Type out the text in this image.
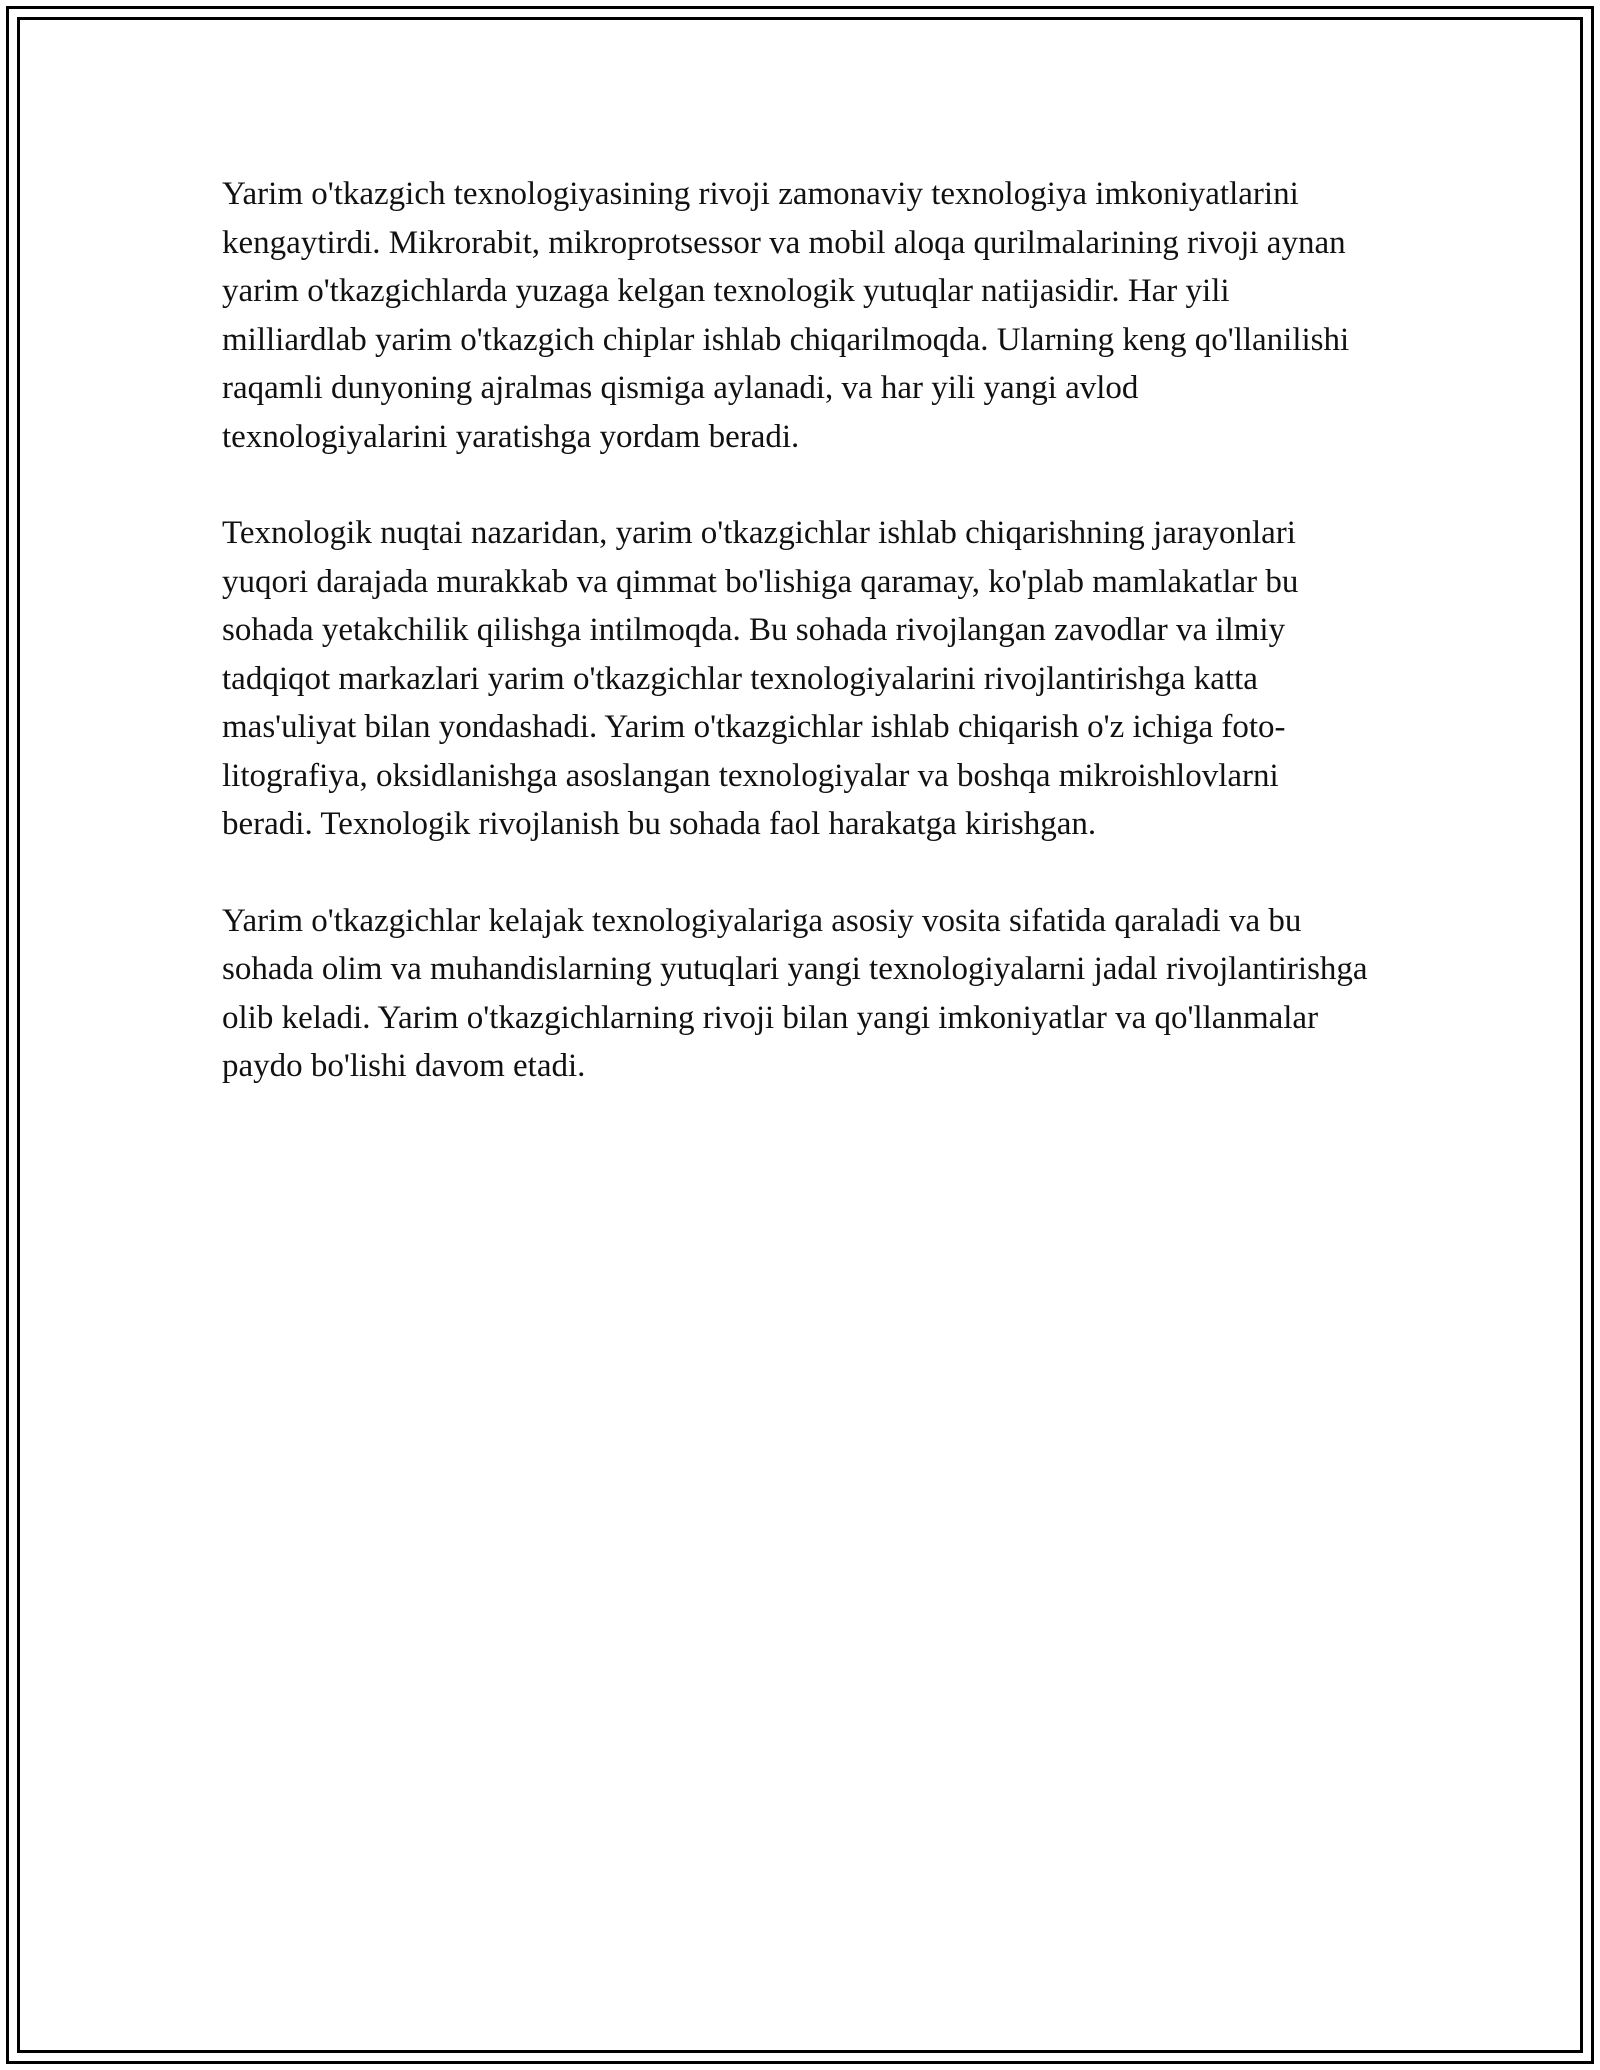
Yarim o'tkazgich texnologiyasining rivoji zamonaviy texnologiya imkoniyatlarini kengaytirdi. Mikrorabit, mikroprotsessor va mobil aloqa qurilmalarining rivoji aynan yarim o'tkazgichlarda yuzaga kelgan texnologik yutuqlar natijasidir. Har yili milliardlab yarim o'tkazgich chiplar ishlab chiqarilmoqda. Ularning keng qo'llanilishi raqamli dunyoning ajralmas qismiga aylanadi, va har yili yangi avlod texnologiyalarini yaratishga yordam beradi.

Texnologik nuqtai nazaridan, yarim o'tkazgichlar ishlab chiqarishning jarayonlari yuqori darajada murakkab va qimmat bo'lishiga qaramay, ko'plab mamlakatlar bu sohada yetakchilik qilishga intilmoqda. Bu sohada rivojlangan zavodlar va ilmiy tadqiqot markazlari yarim o'tkazgichlar texnologiyalarini rivojlantirishga katta mas'uliyat bilan yondashadi. Yarim o'tkazgichlar ishlab chiqarish o'z ichiga foto-litografiya, oksidlanishga asoslangan texnologiyalar va boshqa mikroishlovlarni beradi. Texnologik rivojlanish bu sohada faol harakatga kirishgan.

Yarim o'tkazgichlar kelajak texnologiyalariga asosiy vosita sifatida qaraladi va bu sohada olim va muhandislarning yutuqlari yangi texnologiyalarni jadal rivojlantirishga olib keladi. Yarim o'tkazgichlarning rivoji bilan yangi imkoniyatlar va qo'llanmalar paydo bo'lishi davom etadi.
